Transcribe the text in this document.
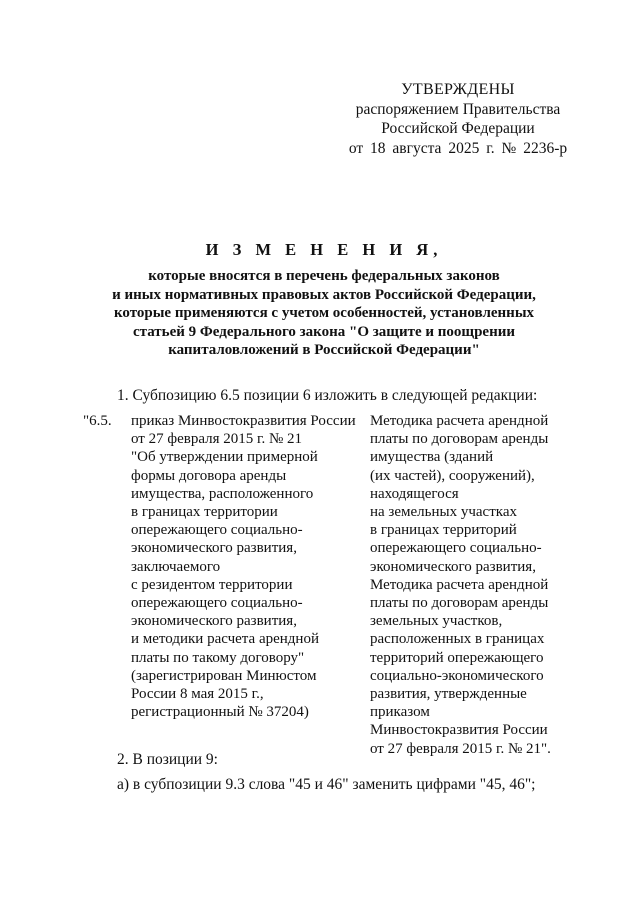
УТВЕРЖДЕНЫ
распоряжением Правительства
Российской Федерации
от 18 августа 2025 г. № 2236-р
И З М Е Н Е Н И Я,
которые вносятся в перечень федеральных законов
и иных нормативных правовых актов Российской Федерации,
которые применяются с учетом особенностей, установленных
статьей 9 Федерального закона "О защите и поощрении
капиталовложений в Российской Федерации"
1. Субпозицию 6.5 позиции 6 изложить в следующей редакции:
"6.5. приказ Минвостокразвития России
от 27 февраля 2015 г. № 21
"Об утверждении примерной
формы договора аренды
имущества, расположенного
в границах территории
опережающего социально-
экономического развития,
заключаемого
с резидентом территории
опережающего социально-
экономического развития,
и методики расчета арендной
платы по такому договору"
(зарегистрирован Минюстом
России 8 мая 2015 г.,
регистрационный № 37204)
Методика расчета арендной
платы по договорам аренды
имущества (зданий
(их частей), сооружений),
находящегося
на земельных участках
в границах территорий
опережающего социально-
экономического развития,
Методика расчета арендной
платы по договорам аренды
земельных участков,
расположенных в границах
территорий опережающего
социально-экономического
развития, утвержденные
приказом
Минвостокразвития России
от 27 февраля 2015 г. № 21".
2. В позиции 9:
а) в субпозиции 9.3 слова "45 и 46" заменить цифрами "45, 46";
